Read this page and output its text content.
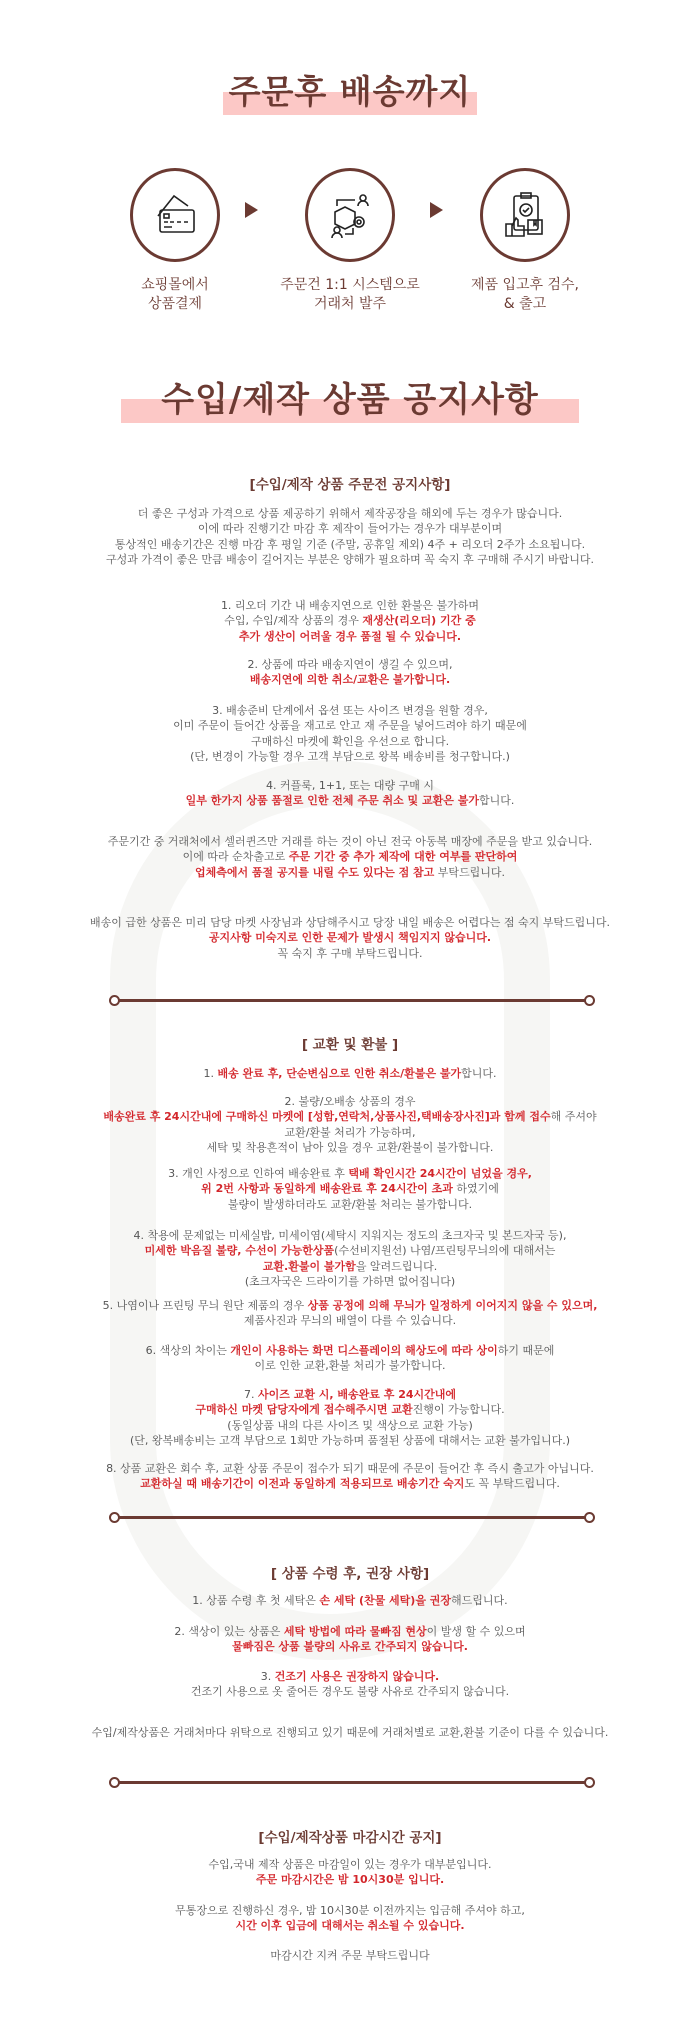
주문후 배송까지
쇼핑몰에서
상품결제
주문건 1:1 시스템으로
거래처 발주
제품 입고후 검수,
& 출고
수입/제작 상품 공지사항
[수입/제작 상품 주문전 공지사항]
더 좋은 구성과 가격으로 상품 제공하기 위해서 제작공장을 해외에 두는 경우가 많습니다.
이에 따라 진행기간 마감 후 제작이 들어가는 경우가 대부분이며
통상적인 배송기간은 진행 마감 후 평일 기준 (주말, 공휴일 제외) 4주 + 리오더 2주가 소요됩니다.
구성과 가격이 좋은 만큼 배송이 길어지는 부분은 양해가 필요하며 꼭 숙지 후 구매해 주시기 바랍니다.
1. 리오더 기간 내 배송지연으로 인한 환불은 불가하며
수입, 수입/제작 상품의 경우 재생산(리오더) 기간 중
추가 생산이 어려울 경우 품절 될 수 있습니다.
2. 상품에 따라 배송지연이 생길 수 있으며,
배송지연에 의한 취소/교환은 불가합니다.
3. 배송준비 단계에서 옵션 또는 사이즈 변경을 원할 경우,
이미 주문이 들어간 상품을 재고로 안고 재 주문을 넣어드려야 하기 때문에
구매하신 마켓에 확인을 우선으로 합니다.
(단, 변경이 가능할 경우 고객 부담으로 왕복 배송비를 청구합니다.)
4. 커플룩, 1+1, 또는 대량 구매 시
일부 한가지 상품 품절로 인한 전체 주문 취소 및 교환은 불가합니다.
주문기간 중 거래처에서 셀러퀸즈만 거래를 하는 것이 아닌 전국 아동복 매장에 주문을 받고 있습니다.
이에 따라 순차출고로 주문 기간 중 추가 제작에 대한 여부를 판단하여
업체측에서 품절 공지를 내릴 수도 있다는 점 참고 부탁드립니다.
배송이 급한 상품은 미리 담당 마켓 사장님과 상담해주시고 당장 내일 배송은 어렵다는 점 숙지 부탁드립니다.
공지사항 미숙지로 인한 문제가 발생시 책임지지 않습니다.
꼭 숙지 후 구매 부탁드립니다.
[ 교환 및 환불 ]
1. 배송 완료 후, 단순변심으로 인한 취소/환불은 불가합니다.
2. 불량/오배송 상품의 경우
배송완료 후 24시간내에 구매하신 마켓에 [성함,연락처,상품사진,택배송장사진]과 함께 접수해 주셔야
교환/환불 처리가 가능하며,
세탁 및 착용흔적이 남아 있을 경우 교환/환불이 불가합니다.
3. 개인 사정으로 인하여 배송완료 후 택배 확인시간 24시간이 넘었을 경우,
위 2번 사항과 동일하게 배송완료 후 24시간이 초과 하였기에
불량이 발생하더라도 교환/환불 처리는 불가합니다.
4. 착용에 문제없는 미세실밥, 미세이염(세탁시 지워지는 정도의 초크자국 및 본드자국 등),
미세한 박음질 불량, 수선이 가능한상품(수선비지원선) 나염/프린팅무늬의에 대해서는
교환.환불이 불가함을 알려드립니다.
(초크자국은 드라이기를 가하면 없어집니다)
5. 나염이나 프린팅 무늬 원단 제품의 경우 상품 공정에 의해 무늬가 일정하게 이어지지 않을 수 있으며,
제품사진과 무늬의 배열이 다를 수 있습니다.
6. 색상의 차이는 개인이 사용하는 화면 디스플레이의 해상도에 따라 상이하기 때문에
이로 인한 교환,환불 처리가 불가합니다.
7. 사이즈 교환 시, 배송완료 후 24시간내에
구매하신 마켓 담당자에게 접수해주시면 교환진행이 가능합니다.
(동일상품 내의 다른 사이즈 및 색상으로 교환 가능)
(단, 왕복배송비는 고객 부담으로 1회만 가능하며 품절된 상품에 대해서는 교환 불가입니다.)
8. 상품 교환은 회수 후, 교환 상품 주문이 접수가 되기 때문에 주문이 들어간 후 즉시 출고가 아닙니다.
교환하실 때 배송기간이 이전과 동일하게 적용되므로 배송기간 숙지도 꼭 부탁드립니다.
[ 상품 수령 후, 권장 사항]
1. 상품 수령 후 첫 세탁은 손 세탁 (찬물 세탁)을 권장해드립니다.
2. 색상이 있는 상품은 세탁 방법에 따라 물빠짐 현상이 발생 할 수 있으며
물빠짐은 상품 불량의 사유로 간주되지 않습니다.
3. 건조기 사용은 권장하지 않습니다.
건조기 사용으로 옷 줄어든 경우도 불량 사유로 간주되지 않습니다.
수입/제작상품은 거래처마다 위탁으로 진행되고 있기 때문에 거래처별로 교환,환불 기준이 다를 수 있습니다.
[수입/제작상품 마감시간 공지]
수입,국내 제작 상품은 마감일이 있는 경우가 대부분입니다.
주문 마감시간은 밤 10시30분 입니다.
무통장으로 진행하신 경우, 밤 10시30분 이전까지는 입금해 주셔야 하고,
시간 이후 입금에 대해서는 취소될 수 있습니다.
마감시간 지켜 주문 부탁드립니다
